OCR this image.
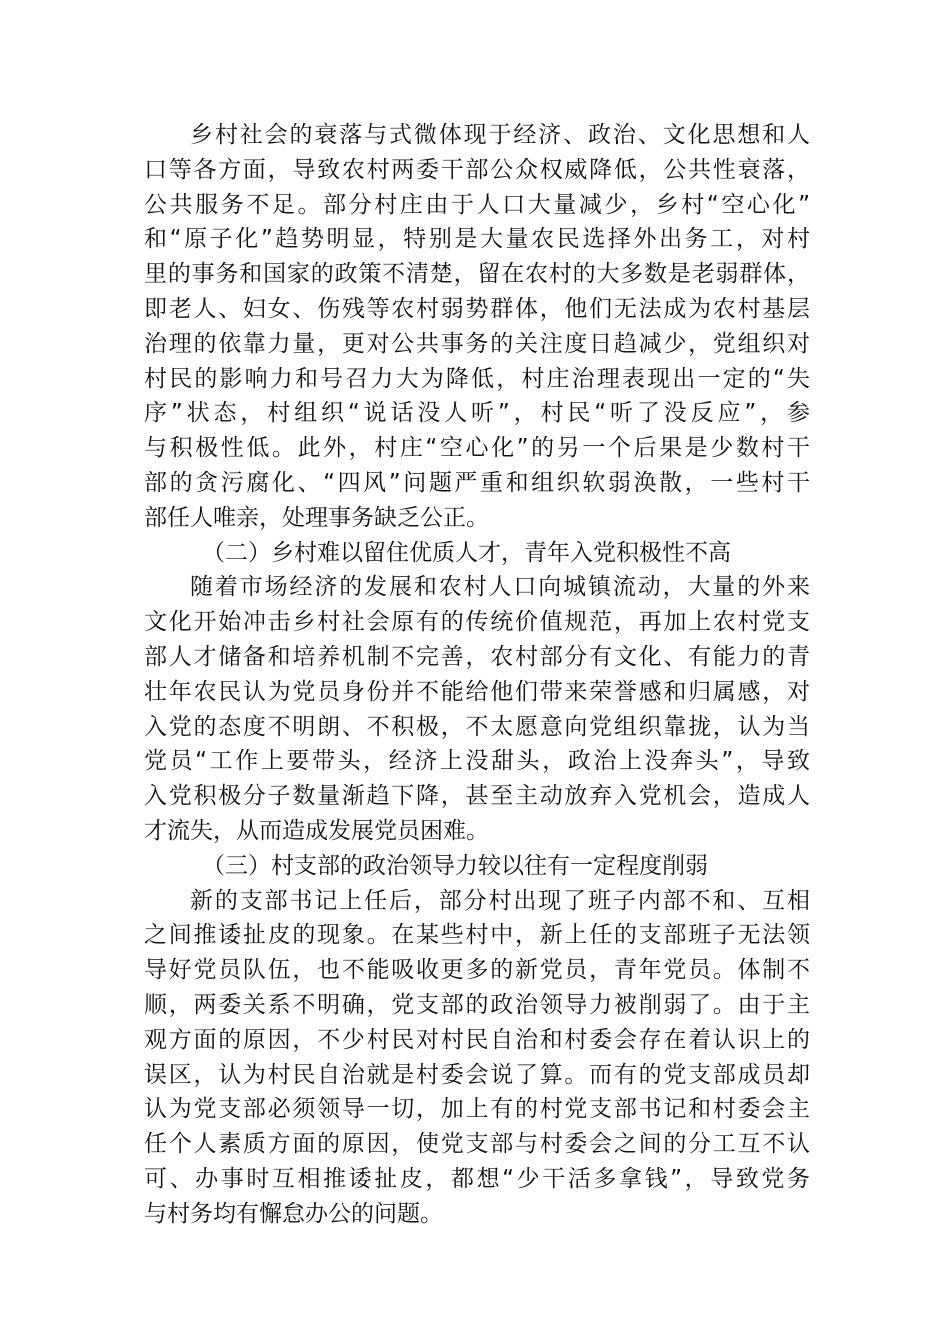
乡村社会的衰落与式微体现于经济、政治、文化思想和人
口等各方面，导致农村两委干部公众权威降低，公共性衰落，
公共服务不足。部分村庄由于人口大量减少，乡村“空心化”
和“原子化”趋势明显，特别是大量农民选择外出务工，对村
里的事务和国家的政策不清楚，留在农村的大多数是老弱群体，
即老人、妇女、伤残等农村弱势群体，他们无法成为农村基层
治理的依靠力量，更对公共事务的关注度日趋减少，党组织对
村民的影响力和号召力大为降低，村庄治理表现出一定的“失
序”状态，村组织“说话没人听”，村民“听了没反应”，参
与积极性低。此外，村庄“空心化”的另一个后果是少数村干
部的贪污腐化、“四风”问题严重和组织软弱涣散，一些村干
部任人唯亲，处理事务缺乏公正。
（二）乡村难以留住优质人才，青年入党积极性不高
随着市场经济的发展和农村人口向城镇流动，大量的外来
文化开始冲击乡村社会原有的传统价值规范，再加上农村党支
部人才储备和培养机制不完善，农村部分有文化、有能力的青
壮年农民认为党员身份并不能给他们带来荣誉感和归属感，对
入党的态度不明朗、不积极，不太愿意向党组织靠拢，认为当
党员“工作上要带头，经济上没甜头，政治上没奔头”，导致
入党积极分子数量渐趋下降，甚至主动放弃入党机会，造成人
才流失，从而造成发展党员困难。
（三）村支部的政治领导力较以往有一定程度削弱
新的支部书记上任后，部分村出现了班子内部不和、互相
之间推诿扯皮的现象。在某些村中，新上任的支部班子无法领
导好党员队伍，也不能吸收更多的新党员，青年党员。体制不
顺，两委关系不明确，党支部的政治领导力被削弱了。由于主
观方面的原因，不少村民对村民自治和村委会存在着认识上的
误区，认为村民自治就是村委会说了算。而有的党支部成员却
认为党支部必须领导一切，加上有的村党支部书记和村委会主
任个人素质方面的原因，使党支部与村委会之间的分工互不认
可、办事时互相推诿扯皮，都想“少干活多拿钱”，导致党务
与村务均有懈怠办公的问题。
